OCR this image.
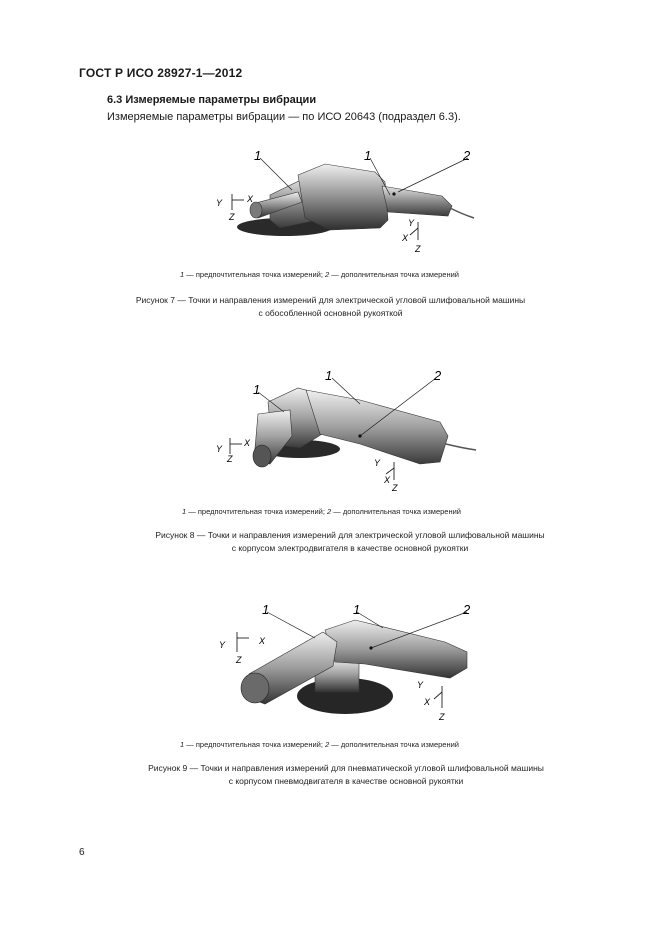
ГОСТ Р ИСО 28927-1—2012
6.3 Измеряемые параметры вибрации
Измеряемые параметры вибрации — по ИСО 20643 (подраздел 6.3).
1	1	2
Y	X
Z
Y
X
Z
1 — предпочтительная точка измерений; 2 — дополнительная точка измерений
Рисунок 7 — Точки и направления измерений для электрической угловой шлифовальной машины
с обособленной основной рукояткой
1
1	2
Y
X
Z	Y
X
Z
1 — предпочтительная точка измерений; 2 — дополнительная точка измерений
Рисунок 8 — Точки и направления измерений для электрической угловой шлифовальной машины
с корпусом электродвигателя в качестве основной рукоятки
1	1	2
Y	X
Z
Y
X
Z
1 — предпочтительная точка измерений; 2 — дополнительная точка измерений
Рисунок 9 — Точки и направления измерений для пневматической угловой шлифовальной машины
с корпусом пневмодвигателя в качестве основной рукоятки
6
